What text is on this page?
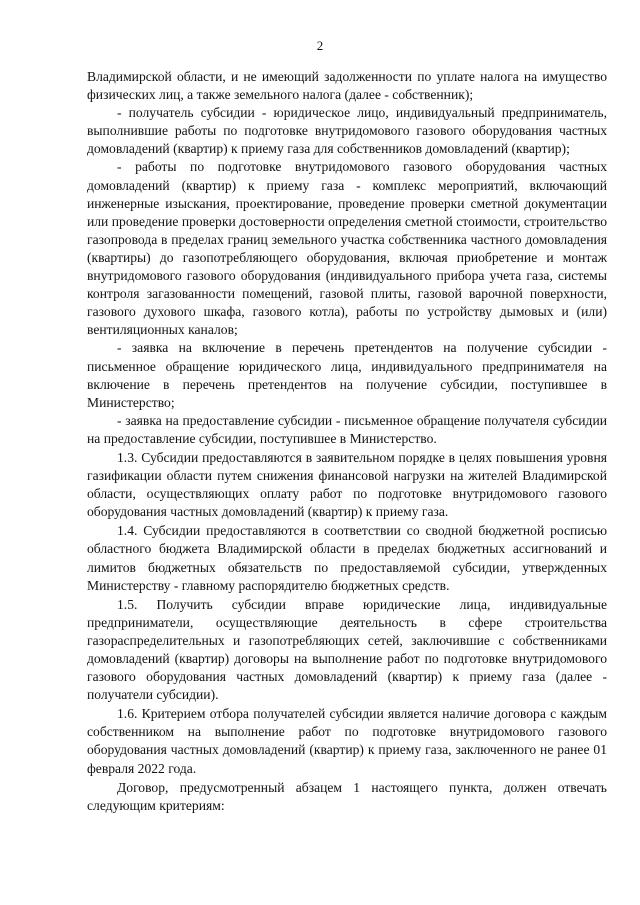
2

Владимирской области, и не имеющий задолженности по уплате налога на имущество физических лиц, а также земельного налога (далее - собственник);

- получатель субсидии - юридическое лицо, индивидуальный предприниматель, выполнившие работы по подготовке внутридомового газового оборудования частных домовладений (квартир) к приему газа для собственников домовладений (квартир);

- работы по подготовке внутридомового газового оборудования частных домовладений (квартир) к приему газа - комплекс мероприятий, включающий инженерные изыскания, проектирование, проведение проверки сметной документации или проведение проверки достоверности определения сметной стоимости, строительство газопровода в пределах границ земельного участка собственника частного домовладения (квартиры) до газопотребляющего оборудования, включая приобретение и монтаж внутридомового газового оборудования (индивидуального прибора учета газа, системы контроля загазованности помещений, газовой плиты, газовой варочной поверхности, газового духового шкафа, газового котла), работы по устройству дымовых и (или) вентиляционных каналов;

- заявка на включение в перечень претендентов на получение субсидии - письменное обращение юридического лица, индивидуального предпринимателя на включение в перечень претендентов на получение субсидии, поступившее в Министерство;

- заявка на предоставление субсидии - письменное обращение получателя субсидии на предоставление субсидии, поступившее в Министерство.

1.3. Субсидии предоставляются в заявительном порядке в целях повышения уровня газификации области путем снижения финансовой нагрузки на жителей Владимирской области, осуществляющих оплату работ по подготовке внутридомового газового оборудования частных домовладений (квартир) к приему газа.

1.4. Субсидии предоставляются в соответствии со сводной бюджетной росписью областного бюджета Владимирской области в пределах бюджетных ассигнований и лимитов бюджетных обязательств по предоставляемой субсидии, утвержденных Министерству - главному распорядителю бюджетных средств.

1.5. Получить субсидии вправе юридические лица, индивидуальные предприниматели, осуществляющие деятельность в сфере строительства газораспределительных и газопотребляющих сетей, заключившие с собственниками домовладений (квартир) договоры на выполнение работ по подготовке внутридомового газового оборудования частных домовладений (квартир) к приему газа (далее - получатели субсидии).

1.6. Критерием отбора получателей субсидии является наличие договора с каждым собственником на выполнение работ по подготовке внутридомового газового оборудования частных домовладений (квартир) к приему газа, заключенного не ранее 01 февраля 2022 года.

Договор, предусмотренный абзацем 1 настоящего пункта, должен отвечать следующим критериям:
